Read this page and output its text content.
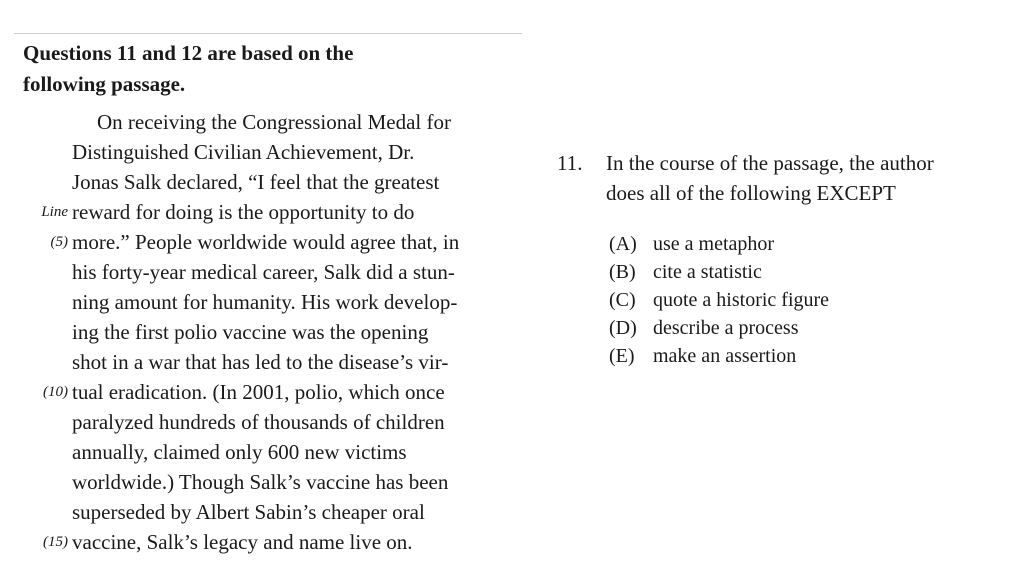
Questions 11 and 12 are based on the
following passage.
On receiving the Congressional Medal for
Distinguished Civilian Achievement, Dr.
Jonas Salk declared, “I feel that the greatest
Line reward for doing is the opportunity to do
(5) more.” People worldwide would agree that, in
his forty-year medical career, Salk did a stun-
ning amount for humanity. His work develop-
ing the first polio vaccine was the opening
shot in a war that has led to the disease’s vir-
(10) tual eradication. (In 2001, polio, which once
paralyzed hundreds of thousands of children
annually, claimed only 600 new victims
worldwide.) Though Salk’s vaccine has been
superseded by Albert Sabin’s cheaper oral
(15) vaccine, Salk’s legacy and name live on.
11. In the course of the passage, the author
does all of the following EXCEPT
(A) use a metaphor
(B) cite a statistic
(C) quote a historic figure
(D) describe a process
(E) make an assertion
